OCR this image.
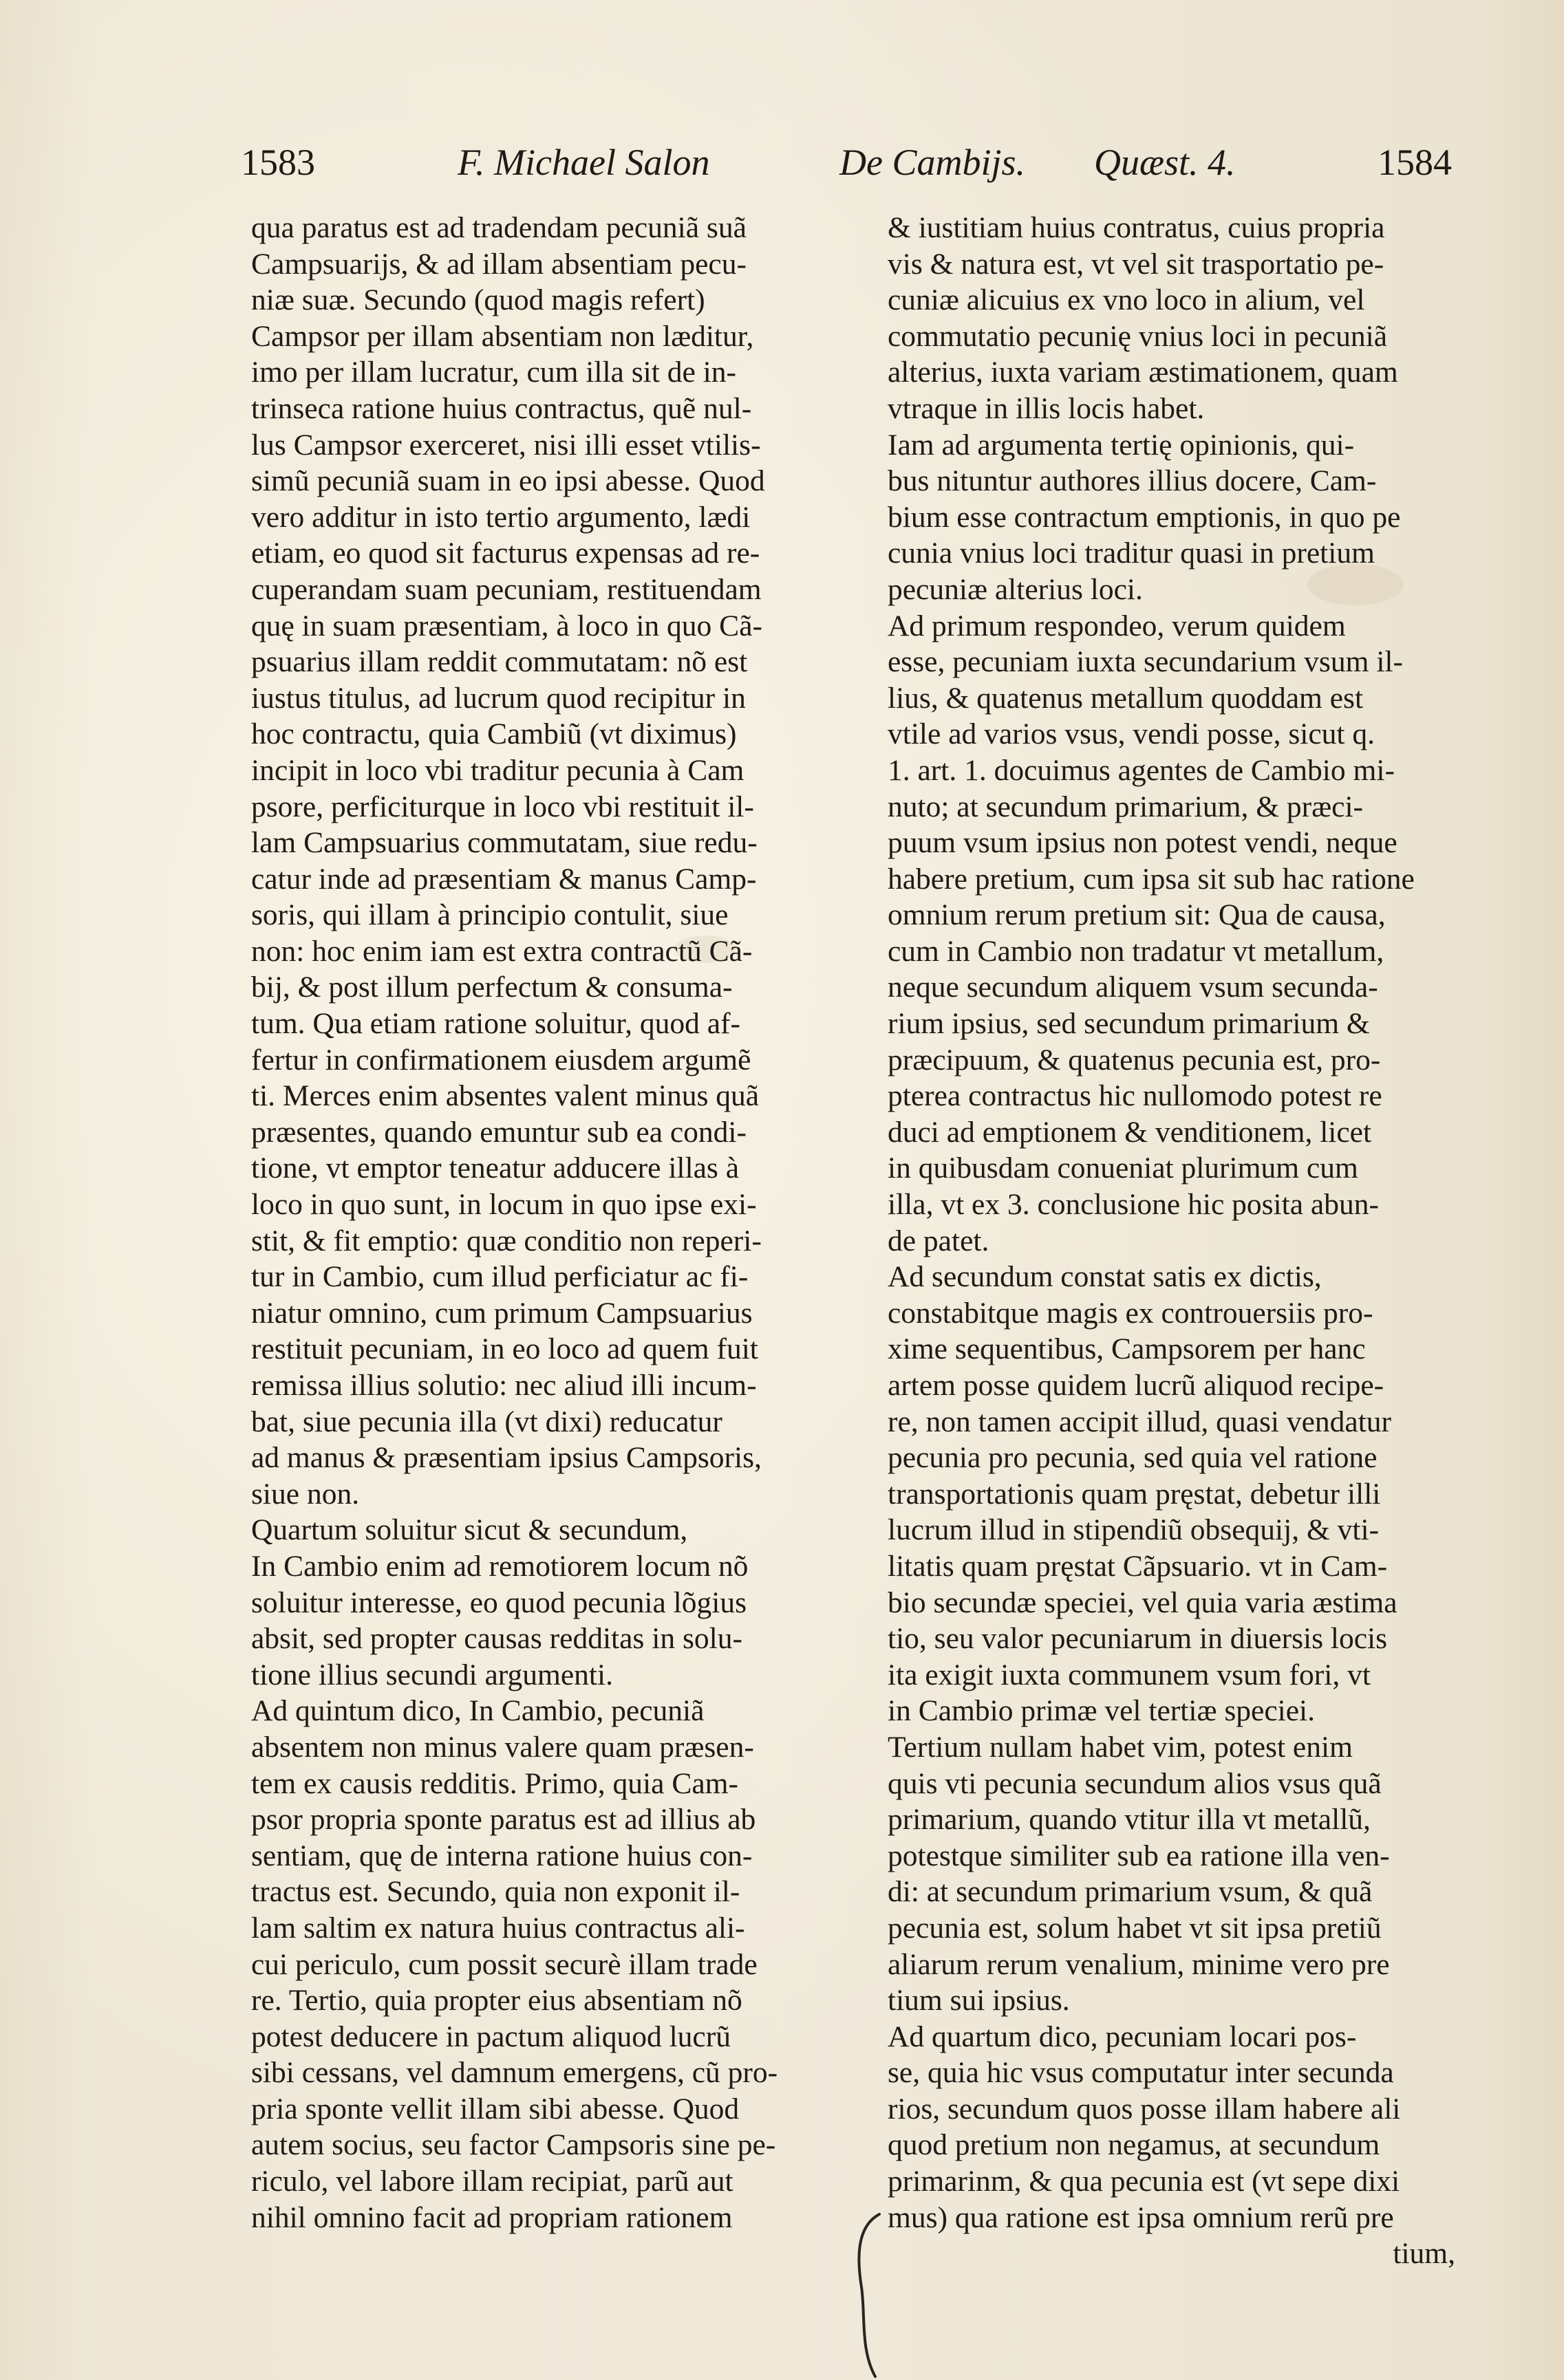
1583	F. Michael Salon	De Cambijs. Quæst. 4.	1584
qua paratus est ad tradendam pecuniã suã
Campsuarijs, & ad illam absentiam pecu-
niæ suæ. Secundo (quod magis refert)
Campsor per illam absentiam non læditur,
imo per illam lucratur, cum illa sit de in-
trinseca ratione huius contractus, quẽ nul-
lus Campsor exerceret, nisi illi esset vtilis-
simũ pecuniã suam in eo ipsi abesse. Quod
vero additur in isto tertio argumento, lædi
etiam, eo quod sit facturus expensas ad re-
cuperandam suam pecuniam, restituendam
quę in suam præsentiam, à loco in quo Cã-
psuarius illam reddit commutatam: nõ est
iustus titulus, ad lucrum quod recipitur in
hoc contractu, quia Cambiũ (vt diximus)
incipit in loco vbi traditur pecunia à Cam
psore, perficiturque in loco vbi restituit il-
lam Campsuarius commutatam, siue redu-
catur inde ad præsentiam & manus Camp-
soris, qui illam à principio contulit, siue
non: hoc enim iam est extra contractũ Cã-
bij, & post illum perfectum & consuma-
tum. Qua etiam ratione soluitur, quod af-
fertur in confirmationem eiusdem argumẽ
ti. Merces enim absentes valent minus quã
præsentes, quando emuntur sub ea condi-
tione, vt emptor teneatur adducere illas à
loco in quo sunt, in locum in quo ipse exi-
stit, & fit emptio: quæ conditio non reperi-
tur in Cambio, cum illud perficiatur ac fi-
niatur omnino, cum primum Campsuarius
restituit pecuniam, in eo loco ad quem fuit
remissa illius solutio: nec aliud illi incum-
bat, siue pecunia illa (vt dixi) reducatur
ad manus & præsentiam ipsius Campsoris,
siue non.
Quartum soluitur sicut & secundum,
In Cambio enim ad remotiorem locum nõ
soluitur interesse, eo quod pecunia lõgius
absit, sed propter causas redditas in solu-
tione illius secundi argumenti.
Ad quintum dico, In Cambio, pecuniã
absentem non minus valere quam præsen-
tem ex causis redditis. Primo, quia Cam-
psor propria sponte paratus est ad illius ab
sentiam, quę de interna ratione huius con-
tractus est. Secundo, quia non exponit il-
lam saltim ex natura huius contractus ali-
cui periculo, cum possit securè illam trade
re. Tertio, quia propter eius absentiam nõ
potest deducere in pactum aliquod lucrũ
sibi cessans, vel damnum emergens, cũ pro-
pria sponte vellit illam sibi abesse. Quod
autem socius, seu factor Campsoris sine pe-
riculo, vel labore illam recipiat, parũ aut
nihil omnino facit ad propriam rationem
& iustitiam huius contratus, cuius propria
vis & natura est, vt vel sit trasportatio pe-
cuniæ alicuius ex vno loco in alium, vel
commutatio pecunię vnius loci in pecuniã
alterius, iuxta variam æstimationem, quam
vtraque in illis locis habet.
Iam ad argumenta tertię opinionis, qui-
bus nituntur authores illius docere, Cam-
bium esse contractum emptionis, in quo pe
cunia vnius loci traditur quasi in pretium
pecuniæ alterius loci.
Ad primum respondeo, verum quidem
esse, pecuniam iuxta secundarium vsum il-
lius, & quatenus metallum quoddam est
vtile ad varios vsus, vendi posse, sicut q.
1. art. 1. docuimus agentes de Cambio mi-
nuto; at secundum primarium, & præci-
puum vsum ipsius non potest vendi, neque
habere pretium, cum ipsa sit sub hac ratione
omnium rerum pretium sit: Qua de causa,
cum in Cambio non tradatur vt metallum,
neque secundum aliquem vsum secunda-
rium ipsius, sed secundum primarium &
præcipuum, & quatenus pecunia est, pro-
pterea contractus hic nullomodo potest re
duci ad emptionem & venditionem, licet
in quibusdam conueniat plurimum cum
illa, vt ex 3. conclusione hic posita abun-
de patet.
Ad secundum constat satis ex dictis,
constabitque magis ex controuersiis pro-
xime sequentibus, Campsorem per hanc
artem posse quidem lucrũ aliquod recipe-
re, non tamen accipit illud, quasi vendatur
pecunia pro pecunia, sed quia vel ratione
transportationis quam pręstat, debetur illi
lucrum illud in stipendiũ obsequij, & vti-
litatis quam pręstat Cãpsuario. vt in Cam-
bio secundæ speciei, vel quia varia æstima
tio, seu valor pecuniarum in diuersis locis
ita exigit iuxta communem vsum fori, vt
in Cambio primæ vel tertiæ speciei.
Tertium nullam habet vim, potest enim
quis vti pecunia secundum alios vsus quã
primarium, quando vtitur illa vt metallũ,
potestque similiter sub ea ratione illa ven-
di: at secundum primarium vsum, & quã
pecunia est, solum habet vt sit ipsa pretiũ
aliarum rerum venalium, minime vero pre
tium sui ipsius.
Ad quartum dico, pecuniam locari pos-
se, quia hic vsus computatur inter secunda
rios, secundum quos posse illam habere ali
quod pretium non negamus, at secundum
primarinm, & qua pecunia est (vt sepe dixi
mus) qua ratione est ipsa omnium rerũ pre
tium,
